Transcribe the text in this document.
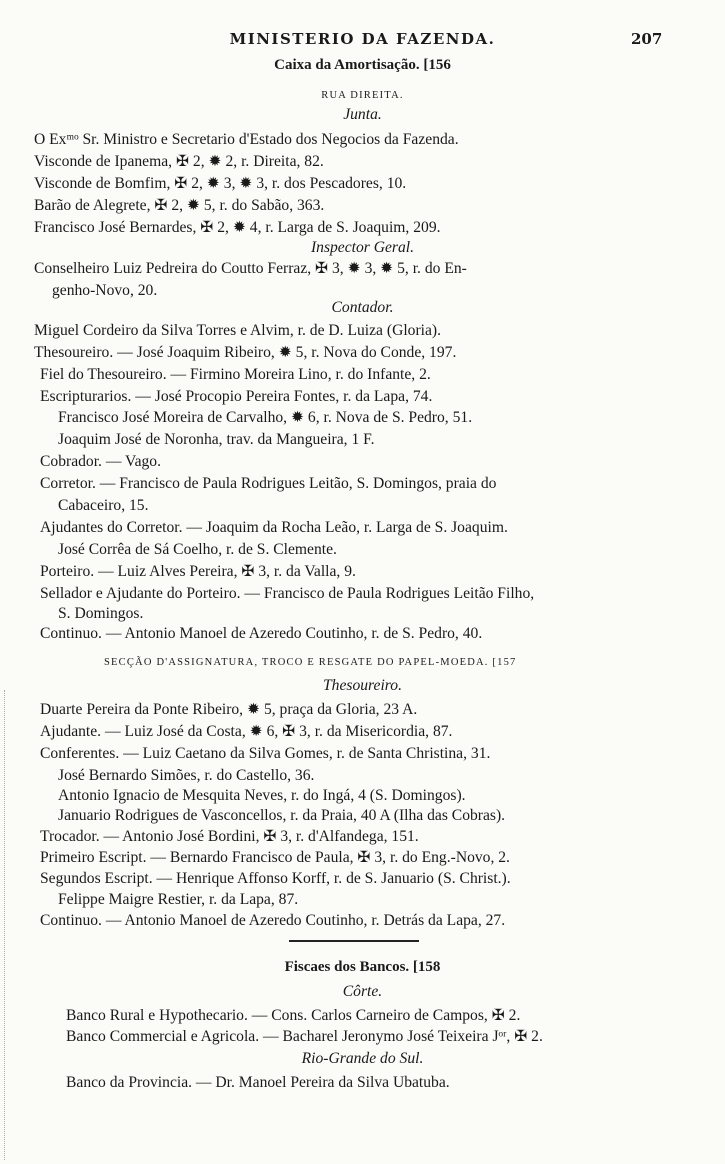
MINISTERIO DA FAZENDA.	207
Caixa da Amortisação. [156
RUA DIREITA.
Junta.
O Exᵐᵒ Sr. Ministro e Secretario d'Estado dos Negocios da Fazenda.
Visconde de Ipanema, ✠ 2, ✹ 2, r. Direita, 82.
Visconde de Bomfim, ✠ 2, ✹ 3, ✹ 3, r. dos Pescadores, 10.
Barão de Alegrete, ✠ 2, ✹ 5, r. do Sabão, 363.
Francisco José Bernardes, ✠ 2, ✹ 4, r. Larga de S. Joaquim, 209.
Inspector Geral.
Conselheiro Luiz Pedreira do Coutto Ferraz, ✠ 3, ✹ 3, ✹ 5, r. do En-
genho-Novo, 20.
Contador.
Miguel Cordeiro da Silva Torres e Alvim, r. de D. Luiza (Gloria).
Thesoureiro. — José Joaquim Ribeiro, ✹ 5, r. Nova do Conde, 197.
Fiel do Thesoureiro. — Firmino Moreira Lino, r. do Infante, 2.
Escripturarios. — José Procopio Pereira Fontes, r. da Lapa, 74.
Francisco José Moreira de Carvalho, ✹ 6, r. Nova de S. Pedro, 51.
Joaquim José de Noronha, trav. da Mangueira, 1 F.
Cobrador. — Vago.
Corretor. — Francisco de Paula Rodrigues Leitão, S. Domingos, praia do
Cabaceiro, 15.
Ajudantes do Corretor. — Joaquim da Rocha Leão, r. Larga de S. Joaquim.
José Corrêa de Sá Coelho, r. de S. Clemente.
Porteiro. — Luiz Alves Pereira, ✠ 3, r. da Valla, 9.
Sellador e Ajudante do Porteiro. — Francisco de Paula Rodrigues Leitão Filho,
S. Domingos.
Continuo. — Antonio Manoel de Azeredo Coutinho, r. de S. Pedro, 40.
SECÇÃO D'ASSIGNATURA, TROCO E RESGATE DO PAPEL-MOEDA. [157
Thesoureiro.
Duarte Pereira da Ponte Ribeiro, ✹ 5, praça da Gloria, 23 A.
Ajudante. — Luiz José da Costa, ✹ 6, ✠ 3, r. da Misericordia, 87.
Conferentes. — Luiz Caetano da Silva Gomes, r. de Santa Christina, 31.
José Bernardo Simões, r. do Castello, 36.
Antonio Ignacio de Mesquita Neves, r. do Ingá, 4 (S. Domingos).
Januario Rodrigues de Vasconcellos, r. da Praia, 40 A (Ilha das Cobras).
Trocador. — Antonio José Bordini, ✠ 3, r. d'Alfandega, 151.
Primeiro Escript. — Bernardo Francisco de Paula, ✠ 3, r. do Eng.-Novo, 2.
Segundos Escript. — Henrique Affonso Korff, r. de S. Januario (S. Christ.).
Felippe Maigre Restier, r. da Lapa, 87.
Continuo. — Antonio Manoel de Azeredo Coutinho, r. Detrás da Lapa, 27.
Fiscaes dos Bancos. [158
Côrte.
Banco Rural e Hypothecario. — Cons. Carlos Carneiro de Campos, ✠ 2.
Banco Commercial e Agricola. — Bacharel Jeronymo José Teixeira Jᵒʳ, ✠ 2.
Rio-Grande do Sul.
Banco da Provincia. — Dr. Manoel Pereira da Silva Ubatuba.
